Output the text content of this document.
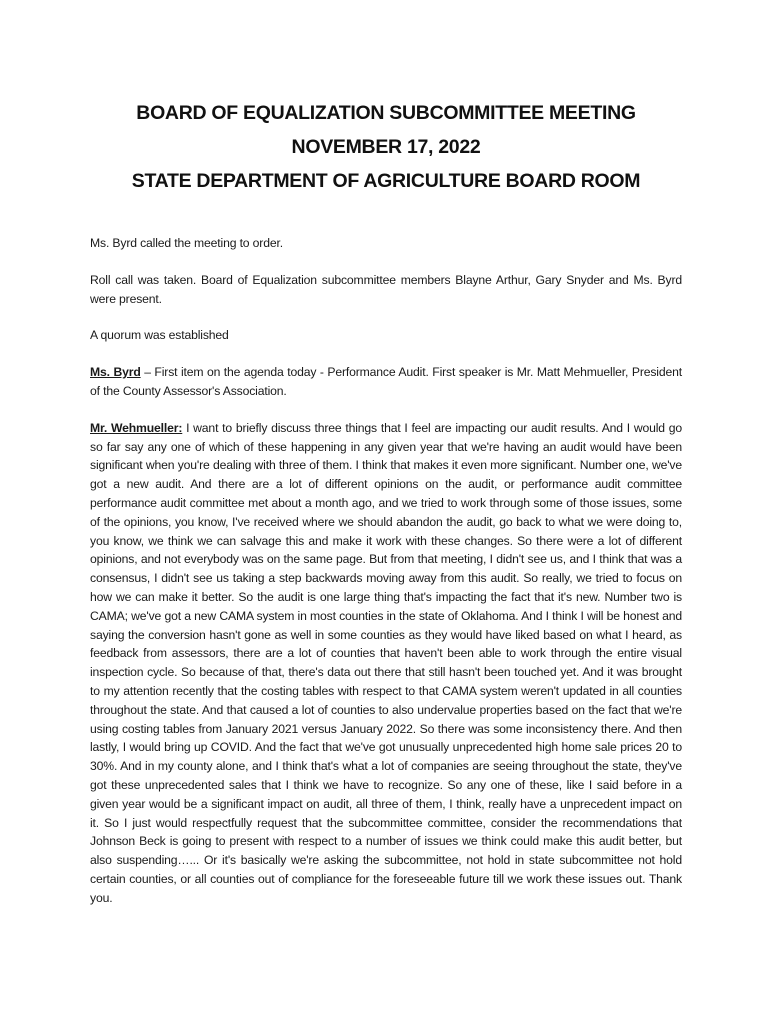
BOARD OF EQUALIZATION SUBCOMMITTEE MEETING
NOVEMBER 17, 2022
STATE DEPARTMENT OF AGRICULTURE BOARD ROOM

Ms. Byrd called the meeting to order.

Roll call was taken. Board of Equalization subcommittee members Blayne Arthur, Gary Snyder and Ms. Byrd were present.

A quorum was established

Ms. Byrd – First item on the agenda today - Performance Audit. First speaker is Mr. Matt Mehmueller, President of the County Assessor's Association.

Mr. Wehmueller: I want to briefly discuss three things that I feel are impacting our audit results. And I would go so far say any one of which of these happening in any given year that we're having an audit would have been significant when you're dealing with three of them. I think that makes it even more significant. Number one, we've got a new audit. And there are a lot of different opinions on the audit, or performance audit committee performance audit committee met about a month ago, and we tried to work through some of those issues, some of the opinions, you know, I've received where we should abandon the audit, go back to what we were doing to, you know, we think we can salvage this and make it work with these changes. So there were a lot of different opinions, and not everybody was on the same page. But from that meeting, I didn't see us, and I think that was a consensus, I didn't see us taking a step backwards moving away from this audit. So really, we tried to focus on how we can make it better. So the audit is one large thing that's impacting the fact that it's new. Number two is CAMA; we've got a new CAMA system in most counties in the state of Oklahoma. And I think I will be honest and saying the conversion hasn't gone as well in some counties as they would have liked based on what I heard, as feedback from assessors, there are a lot of counties that haven't been able to work through the entire visual inspection cycle. So because of that, there's data out there that still hasn't been touched yet. And it was brought to my attention recently that the costing tables with respect to that CAMA system weren't updated in all counties throughout the state. And that caused a lot of counties to also undervalue properties based on the fact that we're using costing tables from January 2021 versus January 2022. So there was some inconsistency there. And then lastly, I would bring up COVID. And the fact that we've got unusually unprecedented high home sale prices 20 to 30%. And in my county alone, and I think that's what a lot of companies are seeing throughout the state, they've got these unprecedented sales that I think we have to recognize. So any one of these, like I said before in a given year would be a significant impact on audit, all three of them, I think, really have a unprecedent impact on it. So I just would respectfully request that the subcommittee committee, consider the recommendations that Johnson Beck is going to present with respect to a number of issues we think could make this audit better, but also suspending…... Or it's basically we're asking the subcommittee, not hold in state subcommittee not hold certain counties, or all counties out of compliance for the foreseeable future till we work these issues out. Thank you.
